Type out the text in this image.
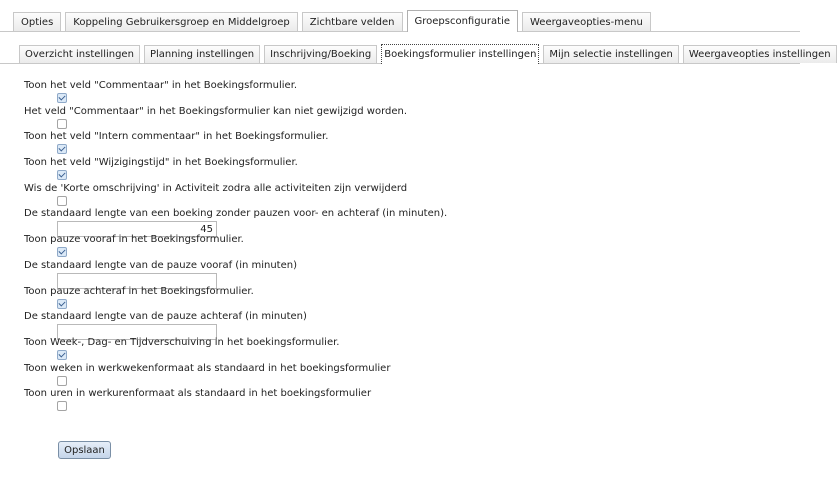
Opties	Koppeling Gebruikersgroep en Middelgroep	Zichtbare velden	Groepsconfiguratie	Weergaveopties-menu
Overzicht instellingen	Planning instellingen	Inschrijving/Boeking	Boekingsformulier instellingen	Mijn selectie instellingen	Weergaveopties instellingen
Toon het veld "Commentaar" in het Boekingsformulier.
Het veld "Commentaar" in het Boekingsformulier kan niet gewijzigd worden.
Toon het veld "Intern commentaar" in het Boekingsformulier.
Toon het veld "Wijzigingstijd" in het Boekingsformulier.
Wis de 'Korte omschrijving' in Activiteit zodra alle activiteiten zijn verwijderd
De standaard lengte van een boeking zonder pauzen voor- en achteraf (in minuten).
45
Toon pauze vooraf in het Boekingsformulier.
De standaard lengte van de pauze vooraf (in minuten)
Toon pauze achteraf in het Boekingsformulier.
De standaard lengte van de pauze achteraf (in minuten)
Toon Week-, Dag- en Tijdverschuiving in het boekingsformulier.
Toon weken in werkwekenformaat als standaard in het boekingsformulier
Toon uren in werkurenformaat als standaard in het boekingsformulier
Opslaan
